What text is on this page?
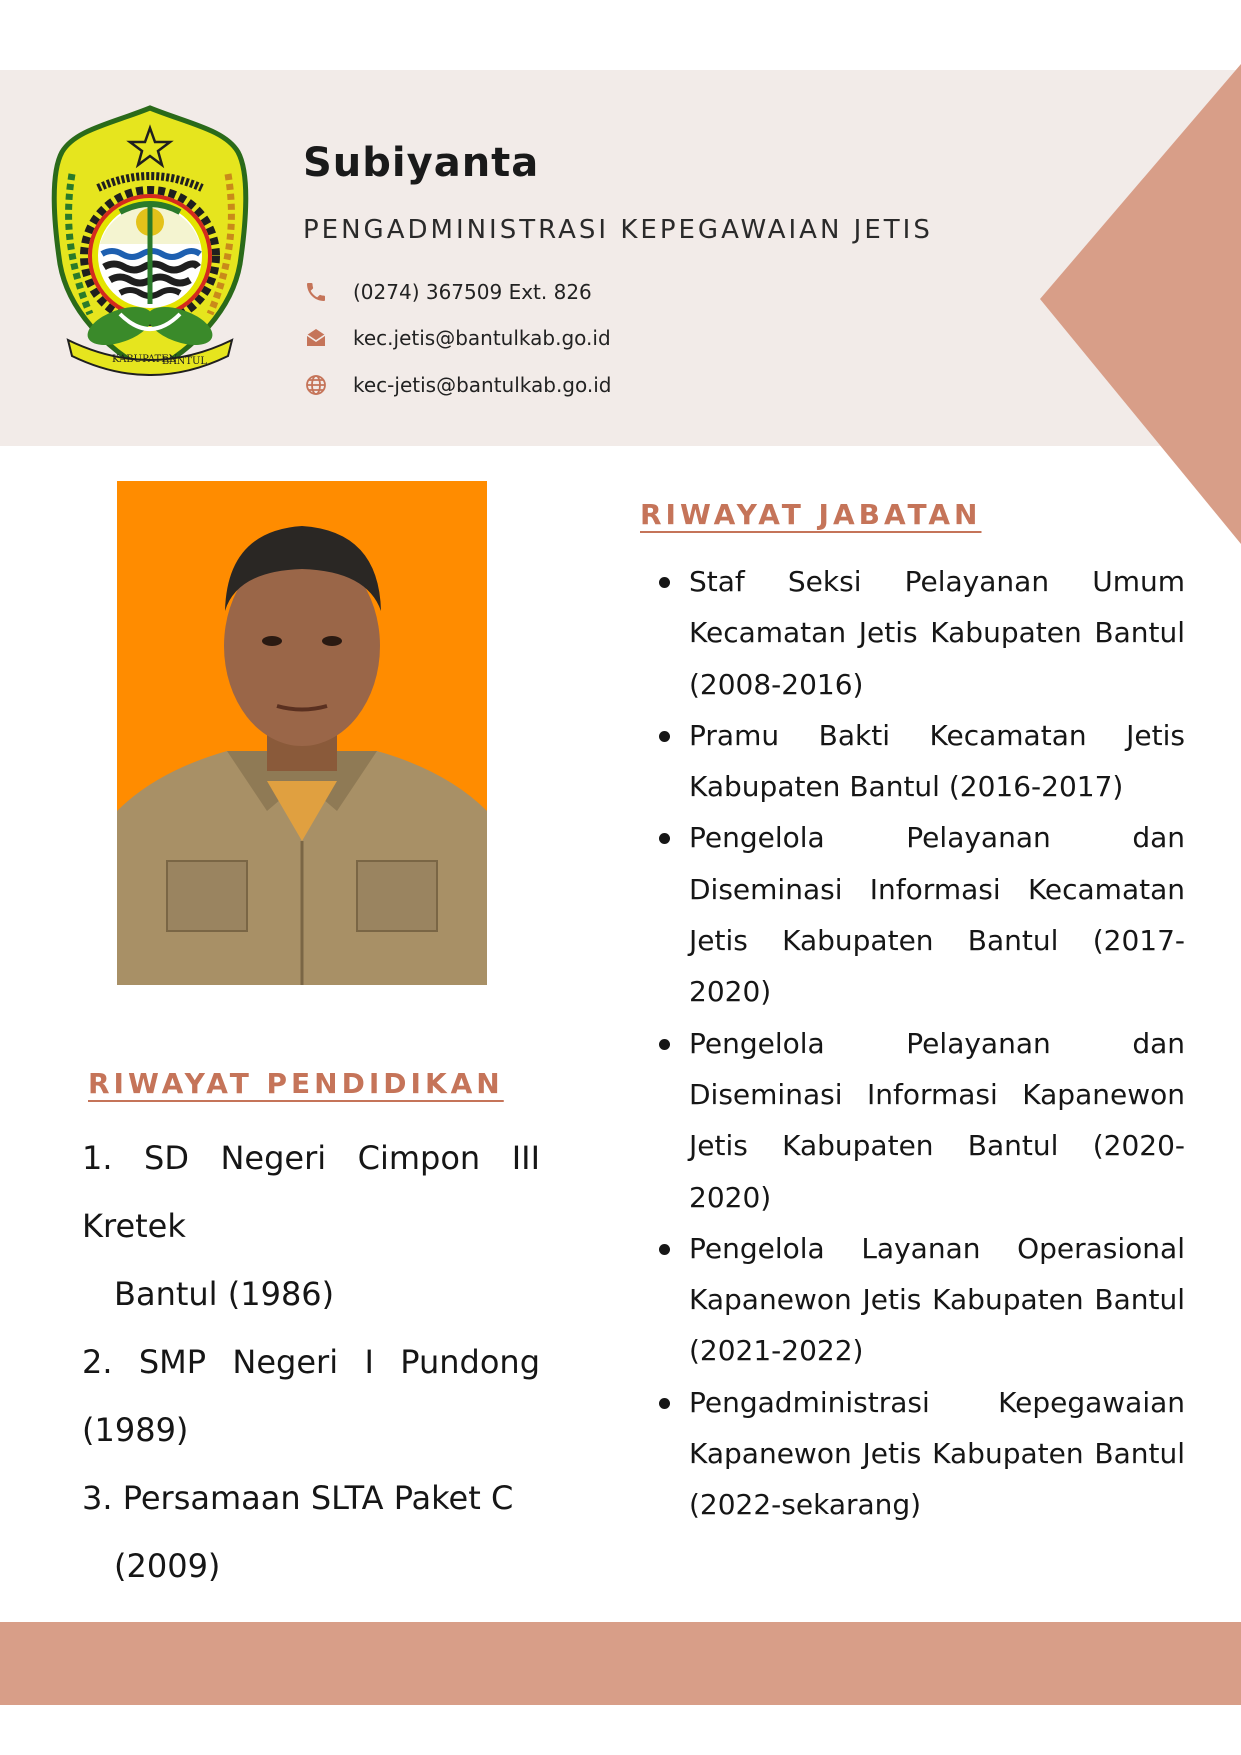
KABUPATEN
BANTUL
Subiyanta

PENGADMINISTRASI KEPEGAWAIAN JETIS

(0274) 367509 Ext. 826
kec.jetis@bantulkab.go.id
kec-jetis@bantulkab.go.id
RIWAYAT PENDIDIKAN
1. SD Negeri Cimpon III Kretek
Bantul (1986)
2. SMP Negeri I Pundong (1989)
3. Persamaan SLTA Paket C
(2009)
RIWAYAT JABATAN
Staf Seksi Pelayanan Umum Kecamatan Jetis Kabupaten Bantul (2008-2016)
Pramu Bakti Kecamatan Jetis Kabupaten Bantul (2016-2017)
Pengelola Pelayanan dan Diseminasi Informasi Kecamatan Jetis Kabupaten Bantul (2017-2020)
Pengelola Pelayanan dan Diseminasi Informasi Kapanewon Jetis Kabupaten Bantul (2020-2020)
Pengelola Layanan Operasional Kapanewon Jetis Kabupaten Bantul (2021-2022)
Pengadministrasi Kepegawaian Kapanewon Jetis Kabupaten Bantul (2022-sekarang)
